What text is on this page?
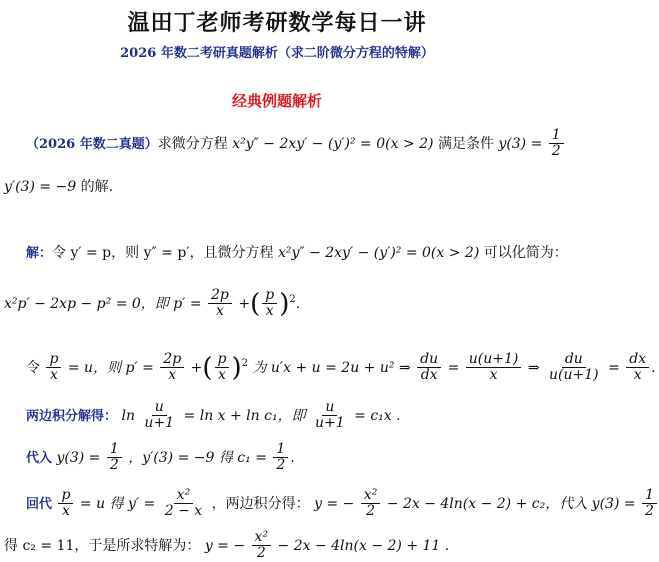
温田丁老师考研数学每日一讲
2026 年数二考研真题解析（求二阶微分方程的特解）
经典例题解析
（2026 年数二真题）求微分方程 x²y″ − 2xy′ − (y′)² = 0(x > 2) 满足条件 $y(3) = \frac{1}{2}$
y′(3) = −9 的解.
解：令 y′ = p，则 y″ = p′，且微分方程 x²y″ − 2xy′ − (y′)² = 0(x > 2) 可以化简为：
x²p′ − 2xp − p² = 0，即 $p' = \frac{2p}{x}$ +( $\frac{p}{x} )^2$.
令 $\frac{p}{x} = u$，则 $p' = \frac{2p}{x}$ +( $\frac{p}{x} )^2$ 为 u′x + u = 2u + u² ⇒ $\frac{du}{dx} = \frac{u(u+1)}{x}$ ⇒ $\frac{du}{u(u+1)} = \frac{dx}{x}$ .
两边积分解得： $\ln \frac{u}{u+1} = \ln x + \ln c_1$，即 $\frac{u}{u+1} = c_1x$ .
代入 $y(3) = \frac{1}{2}$ ，y′(3) = −9 得 $c_1 = \frac{1}{2}$ .
回代 $\frac{p}{x} = u$ 得 $y' = \frac{\text{x²}}{2 - x}$ ，两边积分得： y = − $\frac{\text{x²}}{2} - 2x - 4\ln(x - 2) + c_2$，代入 $y(3) = \frac{1}{2}$
得 c₂ = 11，于是所求特解为： y = − $\frac{\text{x²}}{2} - 2x - 4\ln(x - 2) + 11$ .
